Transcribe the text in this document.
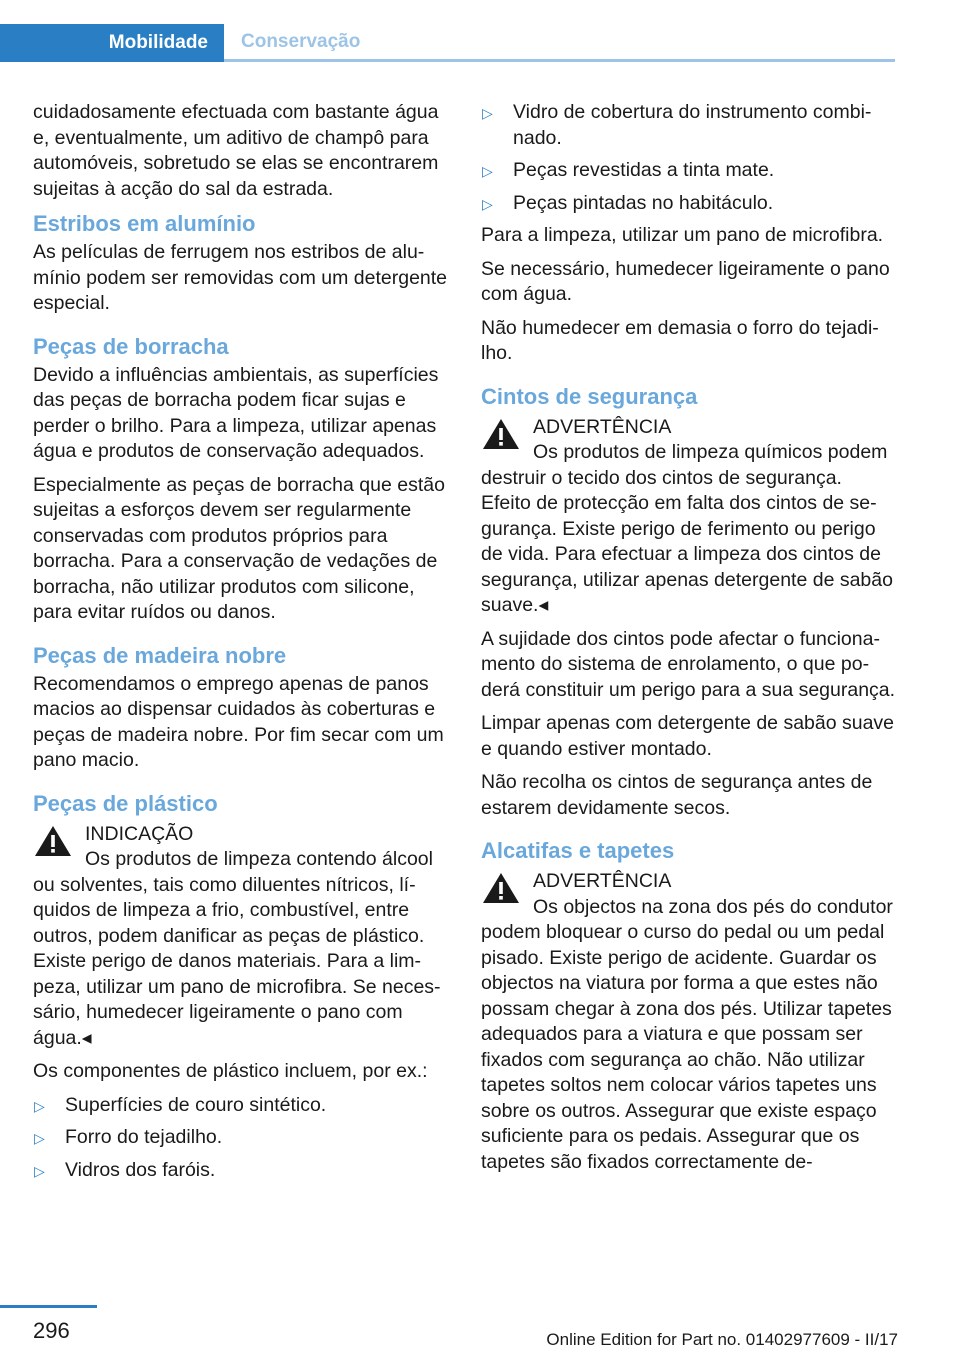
Mobilidade	Conservação

cuidadosamente efectuada com bastante água e, eventualmente, um aditivo de champô para automóveis, sobretudo se elas se encontrarem sujeitas à acção do sal da estrada.

Estribos em alumínio

As películas de ferrugem nos estribos de alumínio podem ser removidas com um detergente especial.

Peças de borracha

Devido a influências ambientais, as superfícies das peças de borracha podem ficar sujas e perder o brilho. Para a limpeza, utilizar apenas água e produtos de conservação adequados.

Especialmente as peças de borracha que estão sujeitas a esforços devem ser regularmente conservadas com produtos próprios para borracha. Para a conservação de vedações de borracha, não utilizar produtos com silicone, para evitar ruídos ou danos.

Peças de madeira nobre

Recomendamos o emprego apenas de panos macios ao dispensar cuidados às coberturas e peças de madeira nobre. Por fim secar com um pano macio.

Peças de plástico
INDICAÇÃO
Os produtos de limpeza contendo álcool ou solventes, tais como diluentes nítricos, líquidos de limpeza a frio, combustível, entre outros, podem danificar as peças de plástico. Existe perigo de danos materiais. Para a limpeza, utilizar um pano de microfibra. Se necessário, humedecer ligeiramente o pano com água.◂

Os componentes de plástico incluem, por ex.:

▷ Superfícies de couro sintético.
▷ Forro do tejadilho.
▷ Vidros dos faróis.
▷ Vidro de cobertura do instrumento combinado.
▷ Peças revestidas a tinta mate.
▷ Peças pintadas no habitáculo.

Para a limpeza, utilizar um pano de microfibra.

Se necessário, humedecer ligeiramente o pano com água.

Não humedecer em demasia o forro do tejadilho.

Cintos de segurança
ADVERTÊNCIA
Os produtos de limpeza químicos podem destruir o tecido dos cintos de segurança. Efeito de protecção em falta dos cintos de segurança. Existe perigo de ferimento ou perigo de vida. Para efectuar a limpeza dos cintos de segurança, utilizar apenas detergente de sabão suave.◂

A sujidade dos cintos pode afectar o funcionamento do sistema de enrolamento, o que poderá constituir um perigo para a sua segurança.

Limpar apenas com detergente de sabão suave e quando estiver montado.

Não recolha os cintos de segurança antes de estarem devidamente secos.

Alcatifas e tapetes
ADVERTÊNCIA
Os objectos na zona dos pés do condutor podem bloquear o curso do pedal ou um pedal pisado. Existe perigo de acidente. Guardar os objectos na viatura por forma a que estes não possam chegar à zona dos pés. Utilizar tapetes adequados para a viatura e que possam ser fixados com segurança ao chão. Não utilizar tapetes soltos nem colocar vários tapetes uns sobre os outros. Assegurar que existe espaço suficiente para os pedais. Assegurar que os tapetes são fixados correctamente de-
296	Online Edition for Part no. 01402977609 - II/17
